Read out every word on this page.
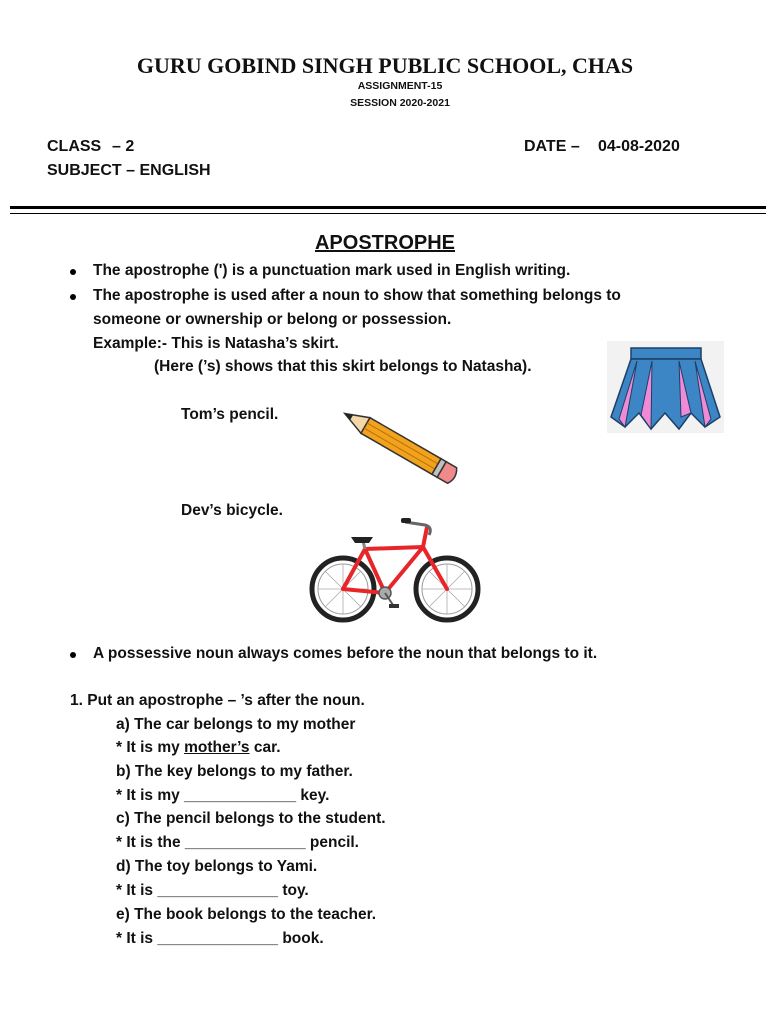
GURU GOBIND SINGH PUBLIC SCHOOL, CHAS
ASSIGNMENT-15
SESSION 2020-2021
CLASS – 2
SUBJECT – ENGLISH
DATE – 04-08-2020
APOSTROPHE
The apostrophe (') is a punctuation mark used in English writing.
The apostrophe is used after a noun to show that something belongs to
someone or ownership or belong or possession.
Example:- This is Natasha’s skirt.
(Here (’s) shows that this skirt belongs to Natasha).
Tom’s pencil.
Dev’s bicycle.
A possessive noun always comes before the noun that belongs to it.
1. Put an apostrophe – ’s after the noun.
a) The car belongs to my mother
* It is my mother’s car.
b) The key belongs to my father.
* It is my _____________ key.
c) The pencil belongs to the student.
* It is the ______________ pencil.
d) The toy belongs to Yami.
* It is ______________ toy.
e) The book belongs to the teacher.
* It is ______________ book.
